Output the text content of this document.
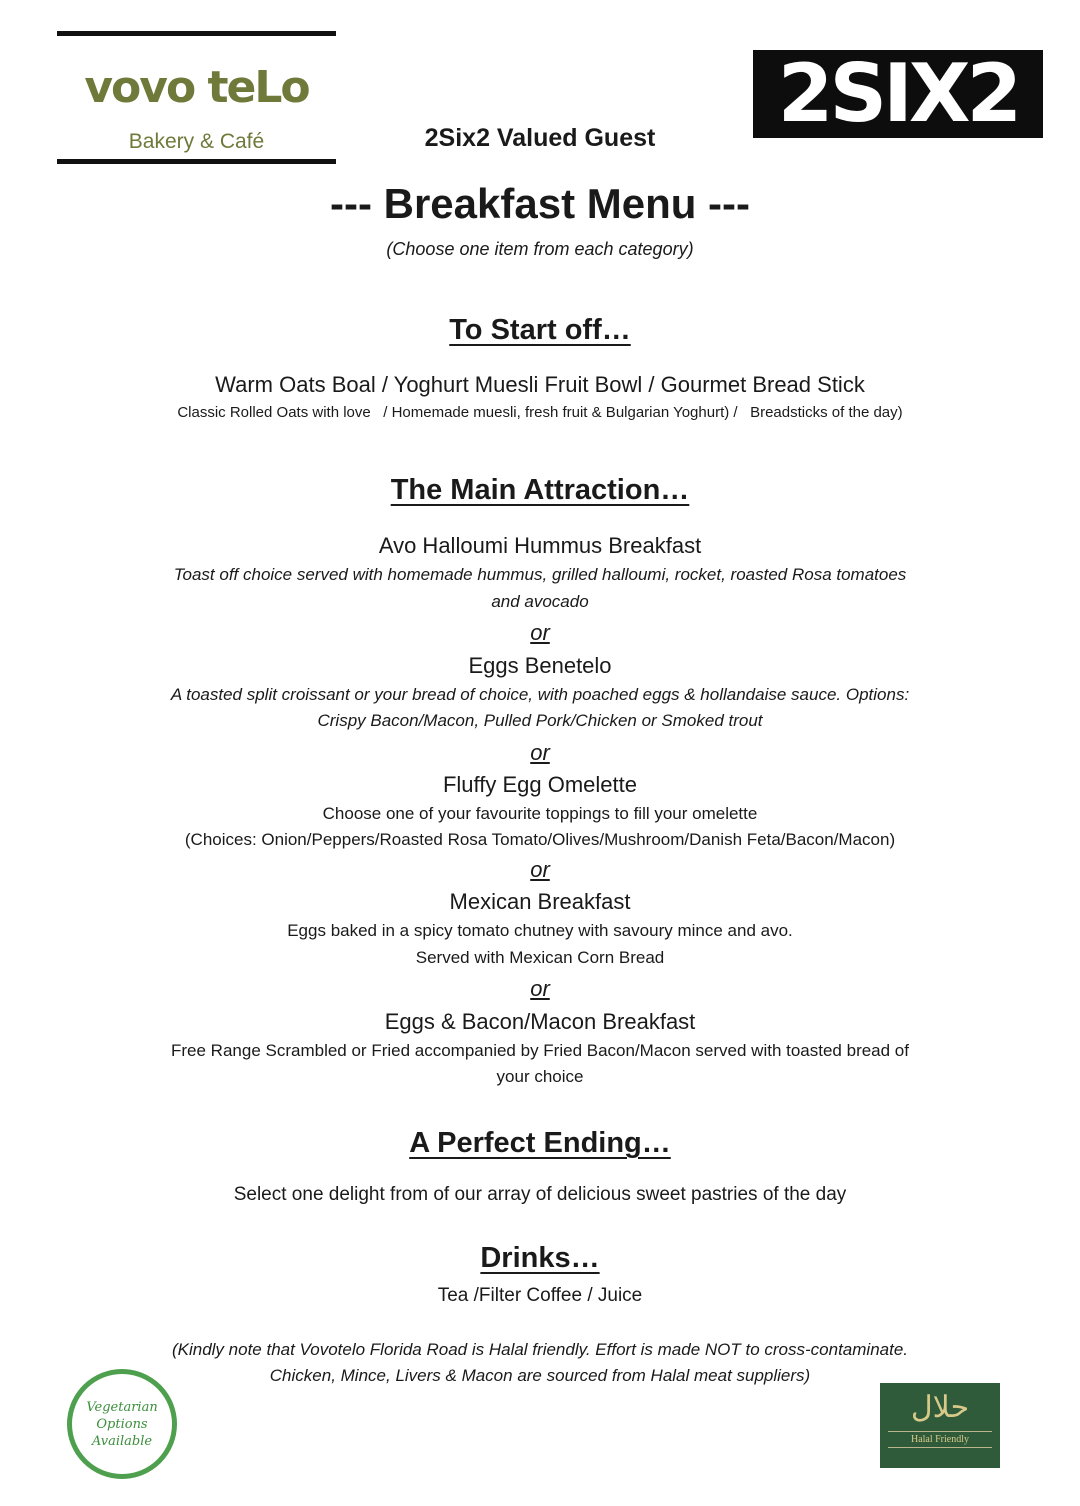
vovo teLo
Bakery & Café
2SIX2
2Six2 Valued Guest
--- Breakfast Menu ---
(Choose one item from each category)
To Start off…
Warm Oats Boal / Yoghurt Muesli Fruit Bowl / Gourmet Bread Stick
Classic Rolled Oats with love   / Homemade muesli, fresh fruit & Bulgarian Yoghurt) /   Breadsticks of the day)
The Main Attraction…
Avo Halloumi Hummus Breakfast
Toast off choice served with homemade hummus, grilled halloumi, rocket, roasted Rosa tomatoes
and avocado
or
Eggs Benetelo
A toasted split croissant or your bread of choice, with poached eggs & hollandaise sauce. Options:
Crispy Bacon/Macon, Pulled Pork/Chicken or Smoked trout
or
Fluffy Egg Omelette
Choose one of your favourite toppings to fill your omelette
(Choices: Onion/Peppers/Roasted Rosa Tomato/Olives/Mushroom/Danish Feta/Bacon/Macon)
or
Mexican Breakfast
Eggs baked in a spicy tomato chutney with savoury mince and avo.
Served with Mexican Corn Bread
or
Eggs & Bacon/Macon Breakfast
Free Range Scrambled or Fried accompanied by Fried Bacon/Macon served with toasted bread of
your choice
A Perfect Ending…
Select one delight from of our array of delicious sweet pastries of the day
Drinks…
Tea /Filter Coffee / Juice
(Kindly note that Vovotelo Florida Road is Halal friendly. Effort is made NOT to cross-contaminate.
Chicken, Mince, Livers & Macon are sourced from Halal meat suppliers)
Vegetarian
Options
Available
حلال
Halal Friendly
